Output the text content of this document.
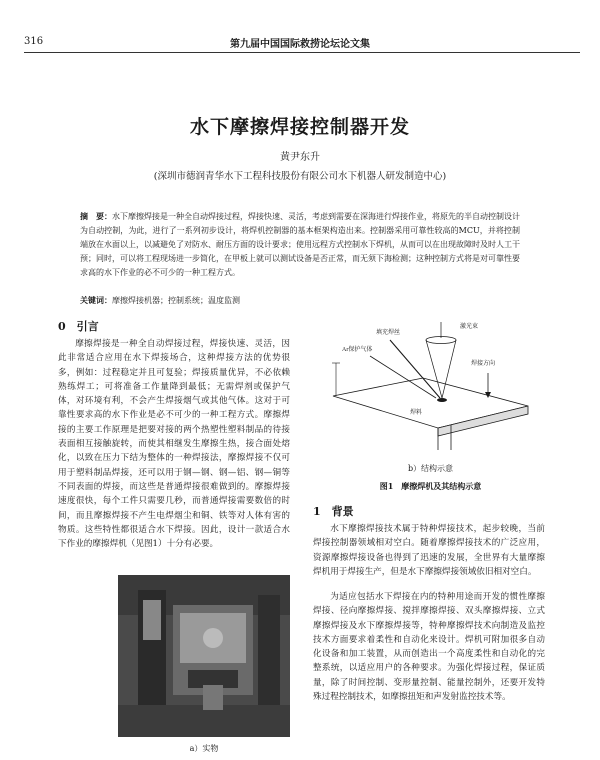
316	第九届中国国际救捞论坛论文集
水下摩擦焊接控制器开发
黄尹东升
(深圳市德润青华水下工程科技股份有限公司水下机器人研发制造中心)
摘　要：水下摩擦焊接是一种全自动焊接过程，焊接快速、灵活，考虑到需要在深海进行焊接作业，将原先的半自动控制设计为自动控制，为此，进行了一系列初步设计，将焊机控制器的基本框架构造出来。控制器采用可靠性较高的MCU，并将控制端放在水面以上，以减避免了对防水、耐压方面的设计要求；使用远程方式控制水下焊机，从而可以在出现故障时及时人工干预；同时，可以将工程现场进一步简化，在甲板上就可以测试设备是否正常，而无须下海检测；这种控制方式将是对可靠性要求高的水下作业的必不可少的一种工程方式。
关键词：摩擦焊接机器；控制系统；温度监测
0　引言
摩擦焊接是一种全自动焊接过程，焊接快速、灵活，因此非常适合应用在水下焊接场合，这种焊接方法的优势很多，例如：过程稳定并且可复验；焊接质量优异，不必依赖熟练焊工；可将准备工作量降到最低；无需焊剂或保护气体，对环境有利，不会产生焊接烟气或其他气体。这对于可靠性要求高的水下作业是必不可少的一种工程方式。摩擦焊接的主要工作原理是把要对接的两个热塑性塑料制品的待接表面相互接触旋转，而使其相继发生摩擦生热，接合面处熔化，以致在压力下结为整体的一种焊接法，摩擦焊接不仅可用于塑料制品焊接，还可以用于钢—钢、钢—铝、钢—铜等不同表面的焊接，而这些是普通焊接很难做到的。摩擦焊接速度很快，每个工件只需要几秒，而普通焊接需要数倍的时间，而且摩擦焊接不产生电焊烟尘和铜、铁等对人体有害的物质。这些特性都很适合水下焊接。因此，设计一款适合水下作业的摩擦焊机（见图1）十分有必要。
a）实物
激光束
填充焊丝
Ar保护气体
焊接方向
焊料
b）结构示意
图1　摩擦焊机及其结构示意
1　背景
水下摩擦焊接技术属于特种焊接技术，起步较晚，当前焊接控制器领域相对空白。随着摩擦焊接技术的广泛应用，资源摩擦焊接设备也得到了迅速的发展，全世界有大量摩擦焊机用于焊接生产，但是水下摩擦焊接领域依旧相对空白。
为适应包括水下焊接在内的特种用途而开发的惯性摩擦焊接、径向摩擦焊接、搅拌摩擦焊接、双头摩擦焊接、立式摩擦焊接及水下摩擦焊接等，特种摩擦焊技术向制造及监控技术方面要求着柔性和自动化来设计。焊机可附加很多自动化设备和加工装置，从而创造出一个高度柔性和自动化的完整系统，以适应用户的各种要求。为强化焊接过程，保证质量，除了时间控制、变形量控制、能量控制外，还要开发特殊过程控制技术，如摩擦扭矩和声发射监控技术等。
